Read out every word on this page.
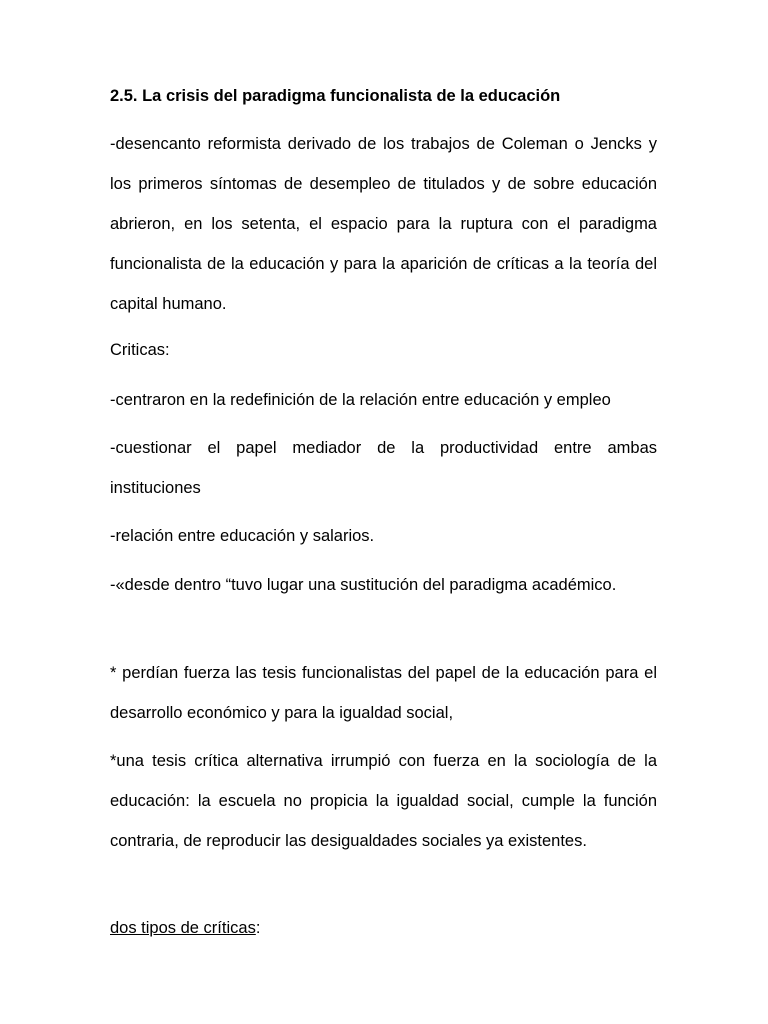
2.5. La crisis del paradigma funcionalista de la educación

-desencanto reformista derivado de los trabajos de Coleman o Jencks y los primeros síntomas de desempleo de titulados y de sobre educación abrieron, en los setenta, el espacio para la ruptura con el paradigma funcionalista de la educación y para la aparición de críticas a la teoría del capital humano.

Criticas:

-centraron en la redefinición de la relación entre educación y empleo

-cuestionar el papel mediador de la productividad entre ambas instituciones

-relación entre educación y salarios.

-«desde dentro “tuvo lugar una sustitución del paradigma académico.

* perdían fuerza las tesis funcionalistas del papel de la educación para el desarrollo económico y para la igualdad social,

*una tesis crítica alternativa irrumpió con fuerza en la sociología de la educación: la escuela no propicia la igualdad social, cumple la función contraria, de reproducir las desigualdades sociales ya existentes.

dos tipos de críticas:
